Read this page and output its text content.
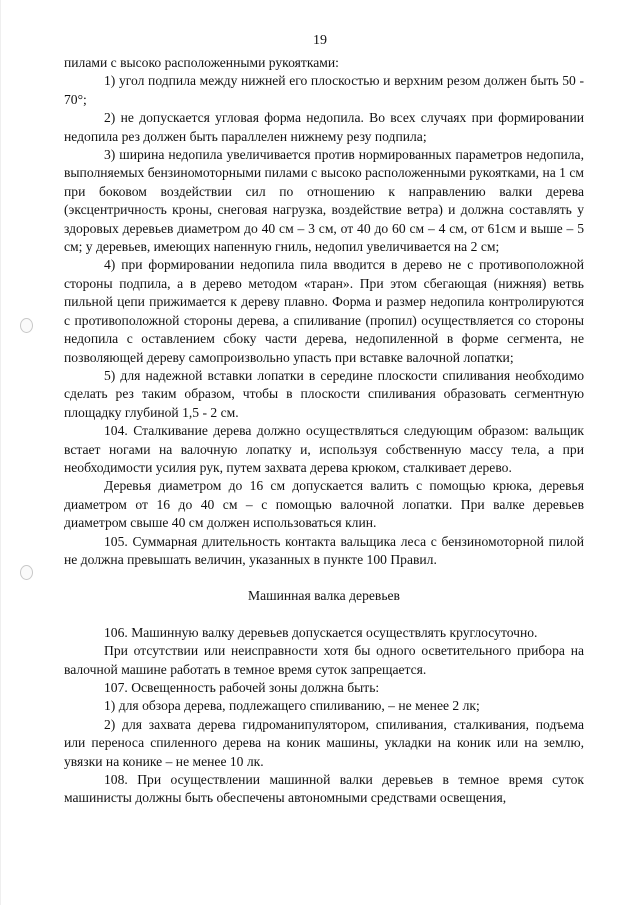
19

пилами с высоко расположенными рукоятками:

1) угол подпила между нижней его плоскостью и верхним резом должен быть 50 - 70°;

2) не допускается угловая форма недопила. Во всех случаях при формировании недопила рез должен быть параллелен нижнему резу подпила;

3) ширина недопила увеличивается против нормированных параметров недопила, выполняемых бензиномоторными пилами с высоко расположенными рукоятками, на 1 см при боковом воздействии сил по отношению к направлению валки дерева (эксцентричность кроны, снеговая нагрузка, воздействие ветра) и должна составлять у здоровых деревьев диаметром до 40 см – 3 см, от 40 до 60 см – 4 см, от 61см и выше – 5 см; у деревьев, имеющих напенную гниль, недопил увеличивается на 2 см;

4) при формировании недопила пила вводится в дерево не с противоположной стороны подпила, а в дерево методом «таран». При этом сбегающая (нижняя) ветвь пильной цепи прижимается к дереву плавно. Форма и размер недопила контролируются с противоположной стороны дерева, а спиливание (пропил) осуществляется со стороны недопила с оставлением сбоку части дерева, недопиленной в форме сегмента, не позволяющей дереву самопроизвольно упасть при вставке валочной лопатки;

5) для надежной вставки лопатки в середине плоскости спиливания необходимо сделать рез таким образом, чтобы в плоскости спиливания образовать сегментную площадку глубиной 1,5 - 2 см.

104. Сталкивание дерева должно осуществляться следующим образом: вальщик встает ногами на валочную лопатку и, используя собственную массу тела, а при необходимости усилия рук, путем захвата дерева крюком, сталкивает дерево.

Деревья диаметром до 16 см допускается валить с помощью крюка, деревья диаметром от 16 до 40 см – с помощью валочной лопатки. При валке деревьев диаметром свыше 40 см должен использоваться клин.

105. Суммарная длительность контакта вальщика леса с бензиномоторной пилой не должна превышать величин, указанных в пункте 100 Правил.

Машинная валка деревьев

106. Машинную валку деревьев допускается осуществлять круглосуточно.

При отсутствии или неисправности хотя бы одного осветительного прибора на валочной машине работать в темное время суток запрещается.

107. Освещенность рабочей зоны должна быть:

1) для обзора дерева, подлежащего спиливанию, – не менее 2 лк;

2) для захвата дерева гидроманипулятором, спиливания, сталкивания, подъема или переноса спиленного дерева на коник машины, укладки на коник или на землю, увязки на конике – не менее 10 лк.

108. При осуществлении машинной валки деревьев в темное время суток машинисты должны быть обеспечены автономными средствами освещения,
